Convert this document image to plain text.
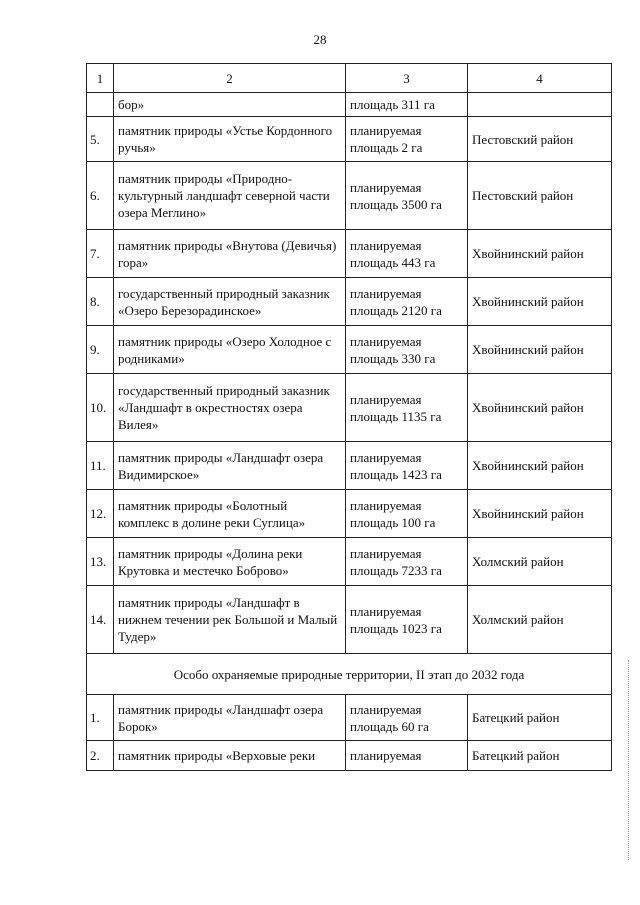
28
1	2	3	4
	бор»	площадь 311 га	
5.	памятник природы «Устье Кордонного ручья»	планируемая площадь 2 га	Пестовский район
6.	памятник природы «Природно-культурный ландшафт северной части озера Меглино»	планируемая площадь 3500 га	Пестовский район
7.	памятник природы «Внутова (Девичья) гора»	планируемая площадь 443 га	Хвойнинский район
8.	государственный природный заказник «Озеро Березорадинское»	планируемая площадь 2120 га	Хвойнинский район
9.	памятник природы «Озеро Холодное с родниками»	планируемая площадь 330 га	Хвойнинский район
10.	государственный природный заказник «Ландшафт в окрестностях озера Вилея»	планируемая площадь 1135 га	Хвойнинский район
11.	памятник природы «Ландшафт озера Видимирское»	планируемая площадь 1423 га	Хвойнинский район
12.	памятник природы «Болотный комплекс в долине реки Суглица»	планируемая площадь 100 га	Хвойнинский район
13.	памятник природы «Долина реки Крутовка и местечко Боброво»	планируемая площадь 7233 га	Холмский район
14.	памятник природы «Ландшафт в нижнем течении рек Большой и Малый Тудер»	планируемая площадь 1023 га	Холмский район
Особо охраняемые природные территории, II этап до 2032 года			
1.	памятник природы «Ландшафт озера Борок»	планируемая площадь 60 га	Батецкий район
2.	памятник природы «Верховые реки	планируемая	Батецкий район
